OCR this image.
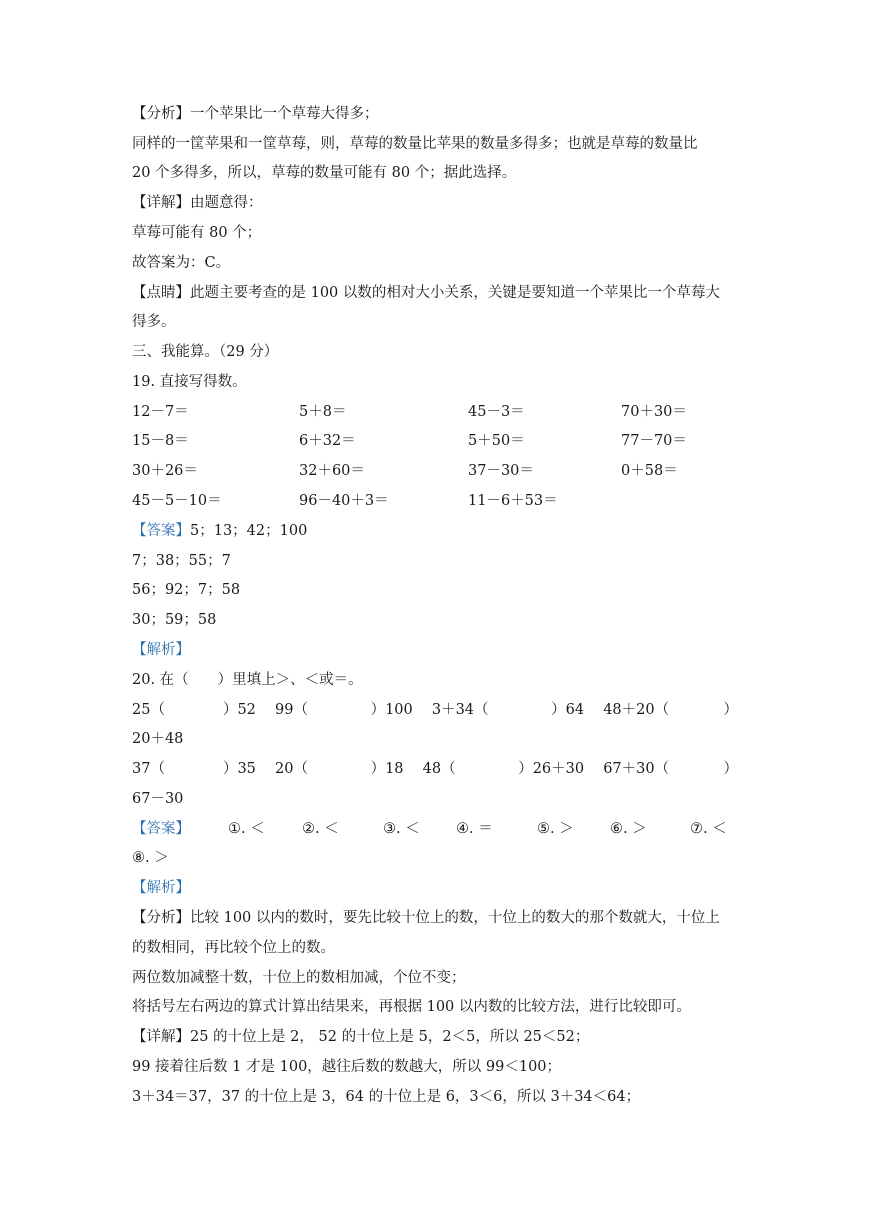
【分析】一个苹果比一个草莓大得多；
同样的一筐苹果和一筐草莓，则，草莓的数量比苹果的数量多得多；也就是草莓的数量比
20 个多得多，所以，草莓的数量可能有 80 个；据此选择。
【详解】由题意得：
草莓可能有 80 个；
故答案为：C。
【点睛】此题主要考查的是 100 以数的相对大小关系，关键是要知道一个苹果比一个草莓大
得多。
三、我能算。（29 分）
19. 直接写得数。
12－7＝	5＋8＝	45－3＝	70＋30＝
15－8＝	6＋32＝	5＋50＝	77－70＝
30＋26＝	32＋60＝	37－30＝	0＋58＝
45－5－10＝	96－40＋3＝	11－6＋53＝
【答案】5；13；42；100
7；38；55；7
56；92；7；58
30；59；58
【解析】
20. 在（　　）里填上＞、＜或＝。
25（　　　　）52　 99（　　　　 ）100　 3＋34（　　　　 ）64　 48＋20（	）
20＋48
37（　　　　）35　 20（　　　　 ）18　 48（　　　　 ）26＋30　 67＋30（	）
67－30
【答案】	①. ＜	②. ＜	③. ＜	④. ＝	⑤. ＞	⑥. ＞	⑦. ＜
⑧. ＞
【解析】
【分析】比较 100 以内的数时，要先比较十位上的数，十位上的数大的那个数就大，十位上
的数相同，再比较个位上的数。
两位数加减整十数，十位上的数相加减，个位不变；
将括号左右两边的算式计算出结果来，再根据 100 以内数的比较方法，进行比较即可。
【详解】25 的十位上是 2， 52 的十位上是 5，2＜5，所以 25＜52；
99 接着往后数 1 才是 100，越往后数的数越大，所以 99＜100；
3＋34＝37，37 的十位上是 3，64 的十位上是 6，3＜6，所以 3＋34＜64；
